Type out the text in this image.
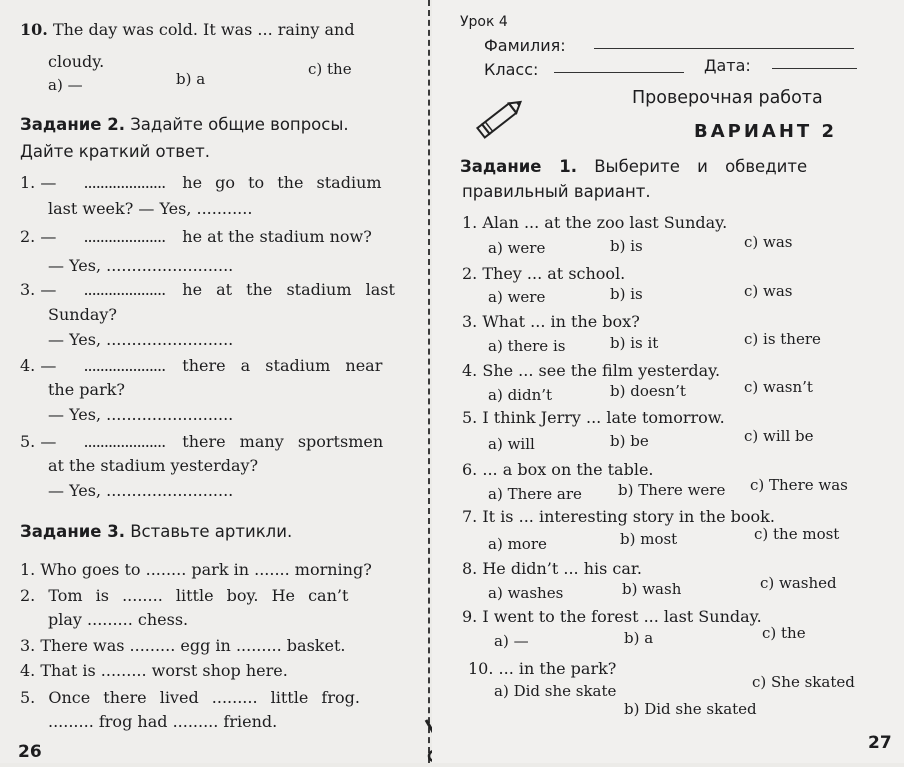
10. The day was cold. It was ... rainy and
cloudy.
a) —	b) a
c) the
Задание 2. Задайте общие вопросы.
Дайте краткий ответ.
1. — .................... he go to the stadium
last week? — Yes, ...........
2. — .................... he at the stadium now?
— Yes, .........................
3. — .................... he at the stadium last
Sunday?
— Yes, .........................
4. — .................... there a stadium near
the park?
— Yes, .........................
5. — .................... there many sportsmen
at the stadium yesterday?
— Yes, .........................
Задание 3. Вставьте артикли.
1. Who goes to ........ park in ....... morning?
2. Tom is ........ little boy. He can’t
play ......... chess.
3. There was ......... egg in ......... basket.
4. That is ......... worst shop here.
5. Once there lived ......... little frog.
......... frog had ......... friend.
26
Урок 4
Фамилия:
Класс:	Дата:
Проверочная работа
ВАРИАНТ 2
Задание 1. Выберите и обведите
правильный вариант.
1. Alan ... at the zoo last Sunday.
a) were	b) is	c) was
2. They ... at school.
a) were	b) is	c) was
3. What ... in the box?
a) there is	b) is it	c) is there
4. She ... see the film yesterday.
a) didn’t	b) doesn’t	c) wasn’t
5. I think Jerry ... late tomorrow.
a) will	b) be	c) will be
6. ... a box on the table.
a) There are b) There were c) There was
7. It is ... interesting story in the book.
a) more	b) most	c) the most
8. He didn’t ... his car.
a) washes	b) wash	c) washed
9. I went to the forest ... last Sunday.
a) —	b) a	c) the
10. ... in the park?
a) Did she skate
b) Did she skated
c) She skated
27
